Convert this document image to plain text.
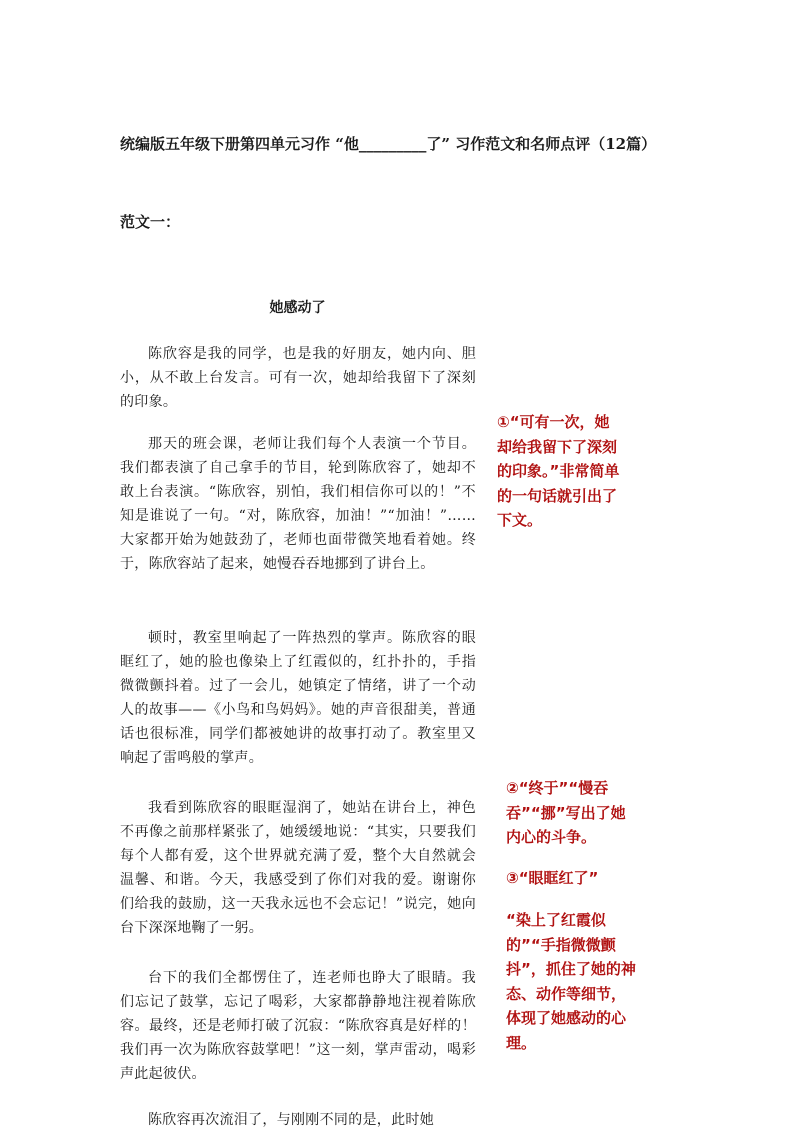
统编版五年级下册第四单元习作 “他_________了” 习作范文和名师点评（12篇）
范文一：
她感动了

陈欣容是我的同学，也是我的好朋友，她内向、胆小，从不敢上台发言。可有一次，她却给我留下了深刻的印象。

那天的班会课，老师让我们每个人表演一个节目。我们都表演了自己拿手的节目，轮到陈欣容了，她却不敢上台表演。“陈欣容，别怕，我们相信你可以的！”不知是谁说了一句。“对，陈欣容，加油！”“加油！”……大家都开始为她鼓劲了，老师也面带微笑地看着她。终于，陈欣容站了起来，她慢吞吞地挪到了讲台上。

顿时，教室里响起了一阵热烈的掌声。陈欣容的眼眶红了，她的脸也像染上了红霞似的，红扑扑的，手指微微颤抖着。过了一会儿，她镇定了情绪，讲了一个动人的故事——《小鸟和鸟妈妈》。她的声音很甜美，普通话也很标准，同学们都被她讲的故事打动了。教室里又响起了雷鸣般的掌声。

我看到陈欣容的眼眶湿润了，她站在讲台上，神色不再像之前那样紧张了，她缓缓地说：“其实，只要我们每个人都有爱，这个世界就充满了爱，整个大自然就会温馨、和谐。今天，我感受到了你们对我的爱。谢谢你们给我的鼓励，这一天我永远也不会忘记！”说完，她向台下深深地鞠了一躬。

台下的我们全都愣住了，连老师也睁大了眼睛。我们忘记了鼓掌，忘记了喝彩，大家都静静地注视着陈欣容。最终，还是老师打破了沉寂：“陈欣容真是好样的！我们再一次为陈欣容鼓掌吧！”这一刻，掌声雷动，喝彩声此起彼伏。

陈欣容再次流泪了，与刚刚不同的是，此时她

①“可有一次，她却给我留下了深刻的印象。”非常简单的一句话就引出了下文。

②“终于”“慢吞吞”“挪”写出了她内心的斗争。

③“眼眶红了”

“染上了红霞似的”“手指微微颤抖”，抓住了她的神态、动作等细节，体现了她感动的心理。
